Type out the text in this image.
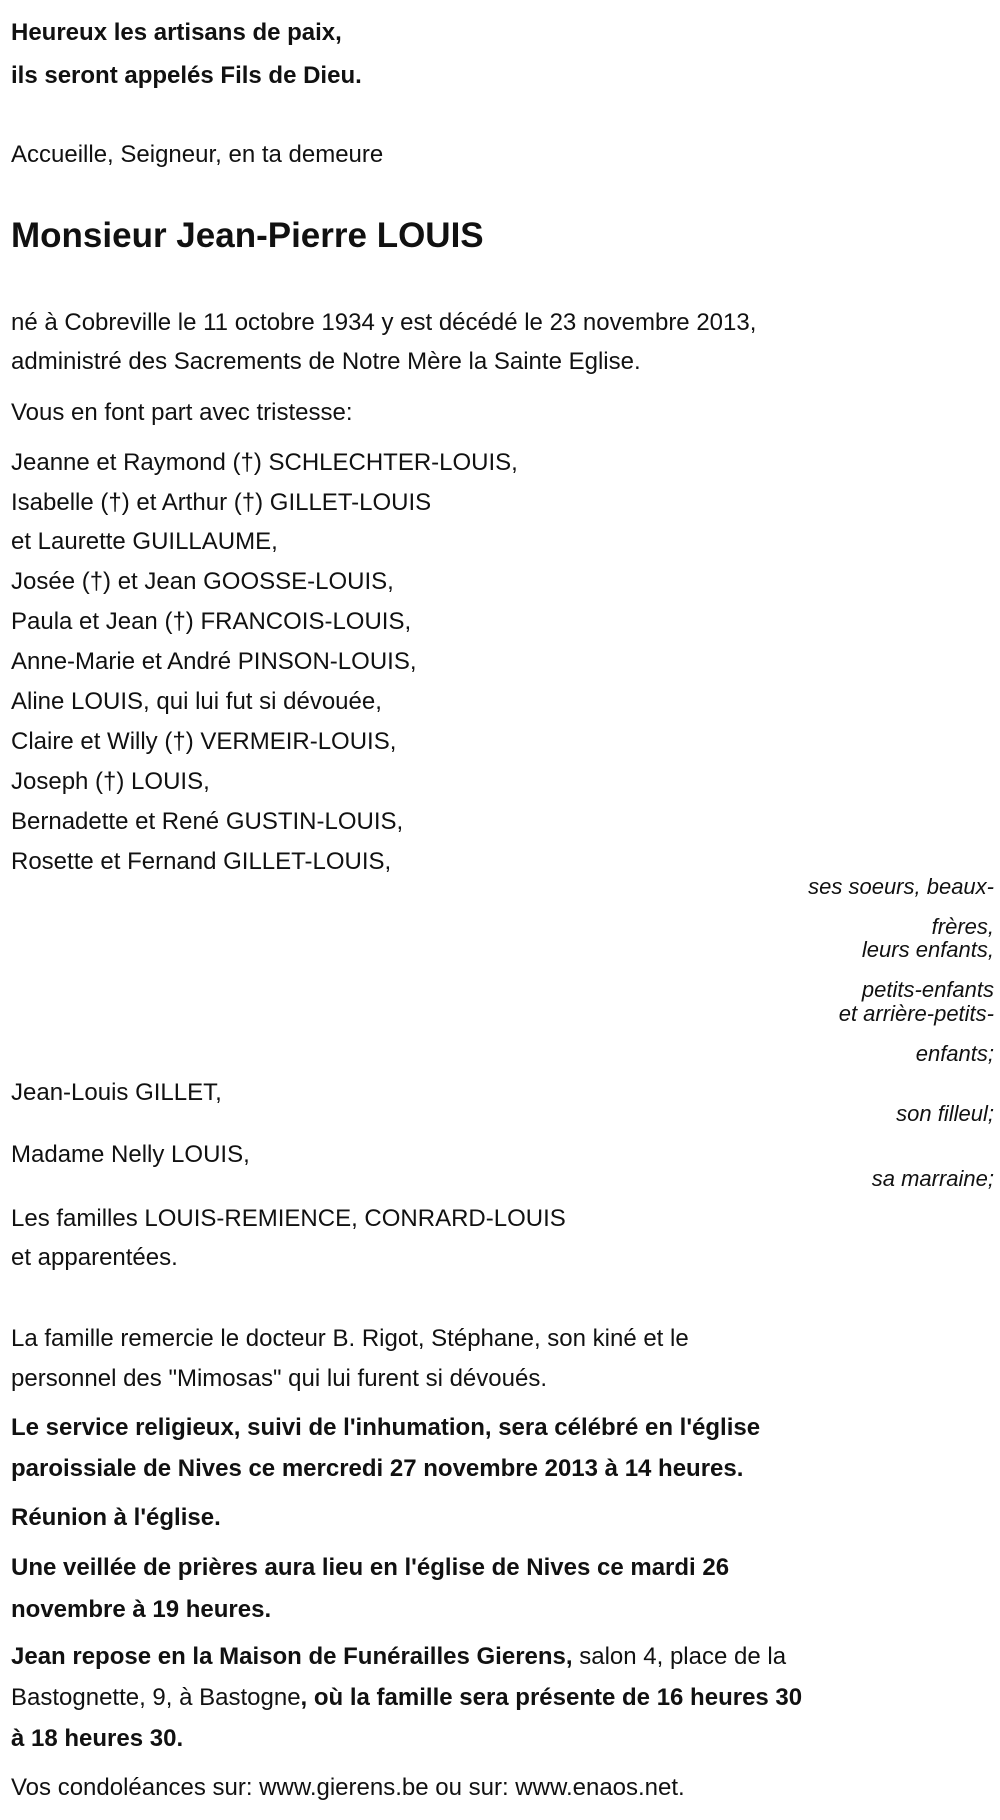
Heureux les artisans de paix,
ils seront appelés Fils de Dieu.
Accueille, Seigneur, en ta demeure
Monsieur Jean-Pierre LOUIS
né à Cobreville le 11 octobre 1934 y est décédé le 23 novembre 2013,
administré des Sacrements de Notre Mère la Sainte Eglise.
Vous en font part avec tristesse:
Jeanne et Raymond (†) SCHLECHTER-LOUIS,
Isabelle (†) et Arthur (†) GILLET-LOUIS
et Laurette GUILLAUME,
Josée (†) et Jean GOOSSE-LOUIS,
Paula et Jean (†) FRANCOIS-LOUIS,
Anne-Marie et André PINSON-LOUIS,
Aline LOUIS, qui lui fut si dévouée,
Claire et Willy (†) VERMEIR-LOUIS,
Joseph (†) LOUIS,
Bernadette et René GUSTIN-LOUIS,
Rosette et Fernand GILLET-LOUIS,
ses soeurs, beaux-
frères,
leurs enfants,
petits-enfants
et arrière-petits-
enfants;
Jean-Louis GILLET,
son filleul;
Madame Nelly LOUIS,
sa marraine;
Les familles LOUIS-REMIENCE, CONRARD-LOUIS
et apparentées.
La famille remercie le docteur B. Rigot, Stéphane, son kiné et le
personnel des "Mimosas" qui lui furent si dévoués.
Le service religieux, suivi de l'inhumation, sera célébré en l'église
paroissiale de Nives ce mercredi 27 novembre 2013 à 14 heures.
Réunion à l'église.
Une veillée de prières aura lieu en l'église de Nives ce mardi 26
novembre à 19 heures.
Jean repose en la Maison de Funérailles Gierens, salon 4, place de la
Bastognette, 9, à Bastogne, où la famille sera présente de 16 heures 30
à 18 heures 30.
Vos condoléances sur: www.gierens.be ou sur: www.enaos.net.
